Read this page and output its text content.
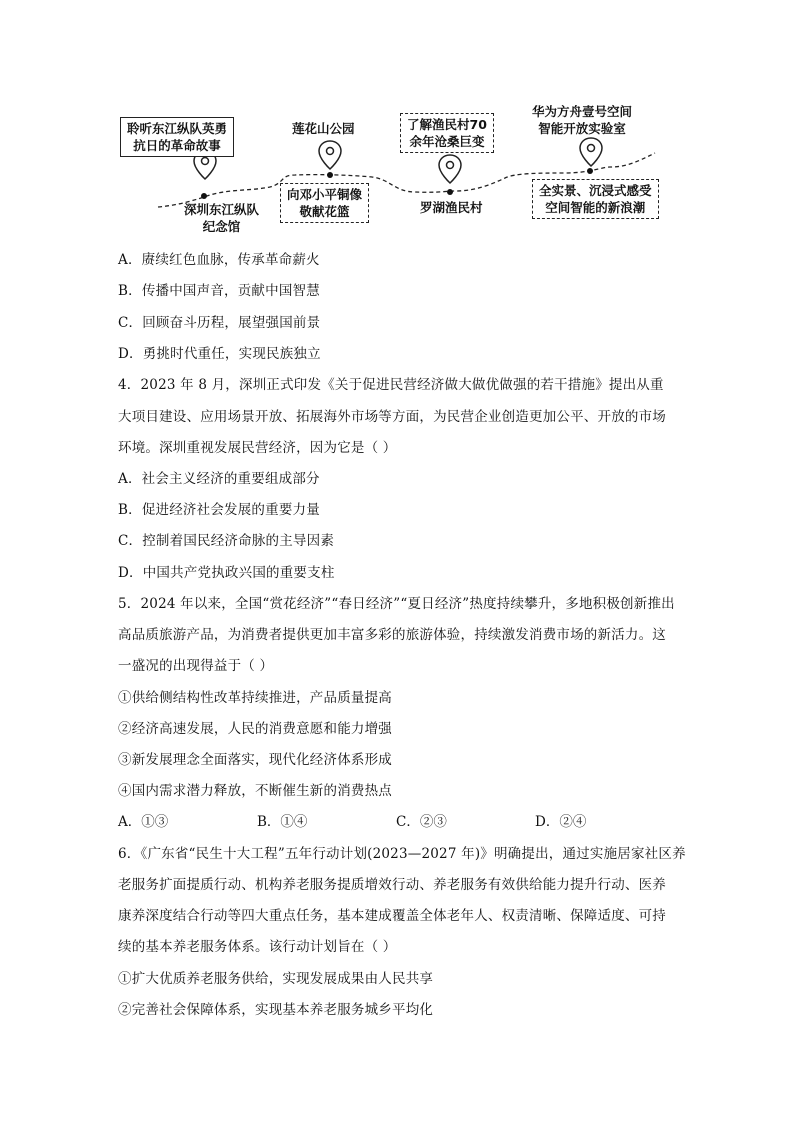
聆听东江纵队英勇
抗日的革命故事
深圳东江纵队
纪念馆
莲花山公园
向邓小平铜像
敬献花篮
了解渔民村70
余年沧桑巨变
罗湖渔民村
华为方舟壹号空间
智能开放实验室
全实景、沉浸式感受
空间智能的新浪潮
A．赓续红色血脉，传承革命薪火
B．传播中国声音，贡献中国智慧
C．回顾奋斗历程，展望强国前景
D．勇挑时代重任，实现民族独立
4．2023 年 8 月，深圳正式印发《关于促进民营经济做大做优做强的若干措施》提出从重
大项目建设、应用场景开放、拓展海外市场等方面，为民营企业创造更加公平、开放的市场
环境。深圳重视发展民营经济，因为它是（ ）
A．社会主义经济的重要组成部分
B．促进经济社会发展的重要力量
C．控制着国民经济命脉的主导因素
D．中国共产党执政兴国的重要支柱
5．2024 年以来，全国“赏花经济”“春日经济”“夏日经济”热度持续攀升，多地积极创新推出
高品质旅游产品，为消费者提供更加丰富多彩的旅游体验，持续激发消费市场的新活力。这
一盛况的出现得益于（ ）
①供给侧结构性改革持续推进，产品质量提高
②经济高速发展，人民的消费意愿和能力增强
③新发展理念全面落实，现代化经济体系形成
④国内需求潜力释放，不断催生新的消费热点
A．①③	B．①④	C．②③	D．②④
6．《广东省“民生十大工程”五年行动计划(2023—2027 年)》明确提出，通过实施居家社区养
老服务扩面提质行动、机构养老服务提质增效行动、养老服务有效供给能力提升行动、医养
康养深度结合行动等四大重点任务，基本建成覆盖全体老年人、权责清晰、保障适度、可持
续的基本养老服务体系。该行动计划旨在（ ）
①扩大优质养老服务供给，实现发展成果由人民共享
②完善社会保障体系，实现基本养老服务城乡平均化
